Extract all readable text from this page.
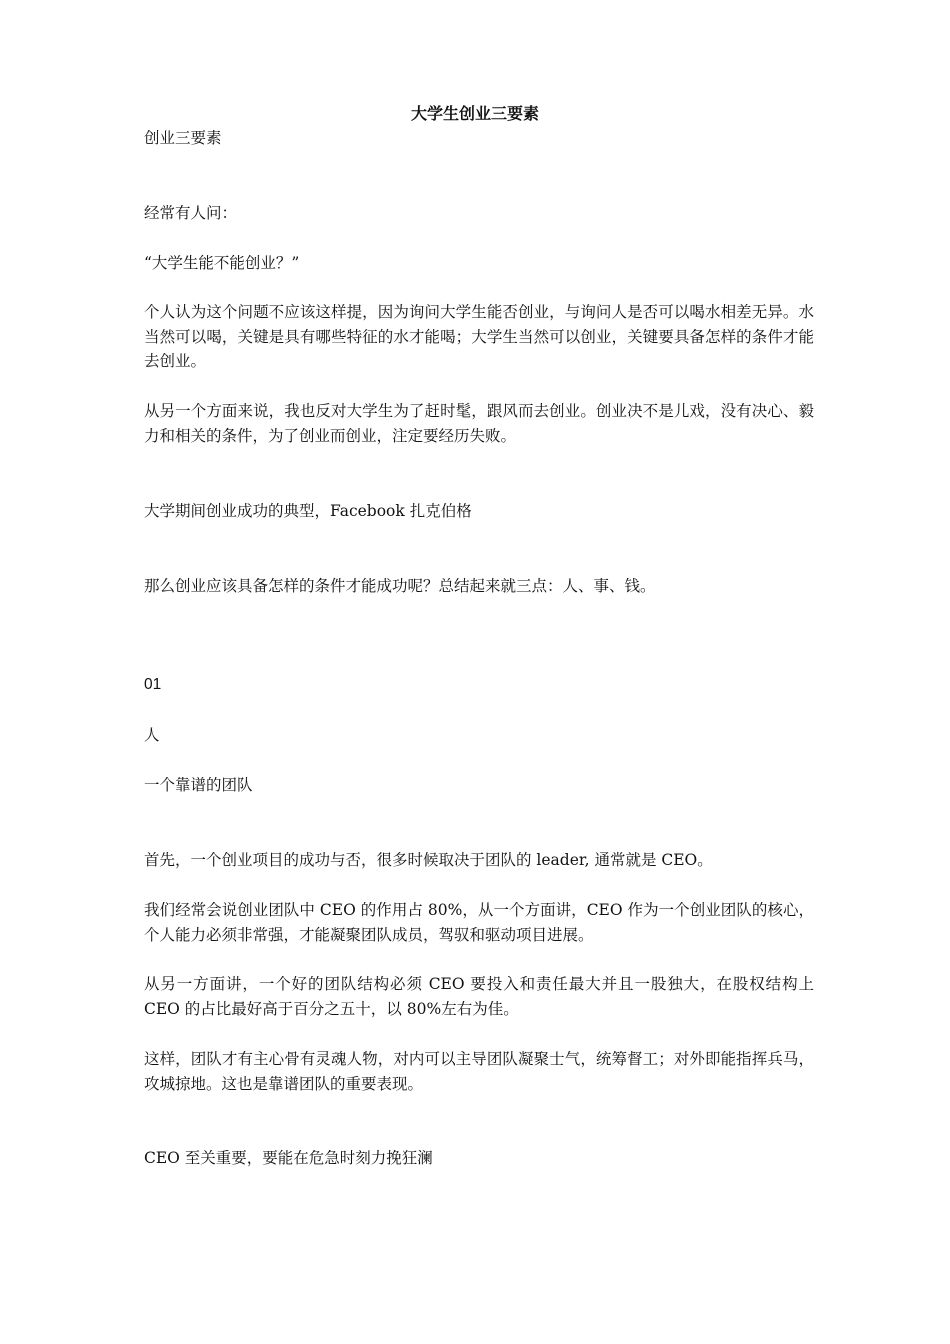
大学生创业三要素
创业三要素
经常有人问：
“大学生能不能创业？”
个人认为这个问题不应该这样提，因为询问大学生能否创业，与询问人是否可以喝水相差无异。水当然可以喝，关键是具有哪些特征的水才能喝；大学生当然可以创业，关键要具备怎样的条件才能去创业。
从另一个方面来说，我也反对大学生为了赶时髦，跟风而去创业。创业决不是儿戏，没有决心、毅力和相关的条件，为了创业而创业，注定要经历失败。
大学期间创业成功的典型，Facebook 扎克伯格
那么创业应该具备怎样的条件才能成功呢？总结起来就三点：人、事、钱。
01
人
一个靠谱的团队
首先，一个创业项目的成功与否，很多时候取决于团队的 leader, 通常就是 CEO。
我们经常会说创业团队中 CEO 的作用占 80%，从一个方面讲，CEO 作为一个创业团队的核心，个人能力必须非常强，才能凝聚团队成员，驾驭和驱动项目进展。
从另一方面讲，一个好的团队结构必须 CEO 要投入和责任最大并且一股独大，在股权结构上 CEO 的占比最好高于百分之五十，以 80%左右为佳。
这样，团队才有主心骨有灵魂人物，对内可以主导团队凝聚士气，统筹督工；对外即能指挥兵马，攻城掠地。这也是靠谱团队的重要表现。
CEO 至关重要，要能在危急时刻力挽狂澜
